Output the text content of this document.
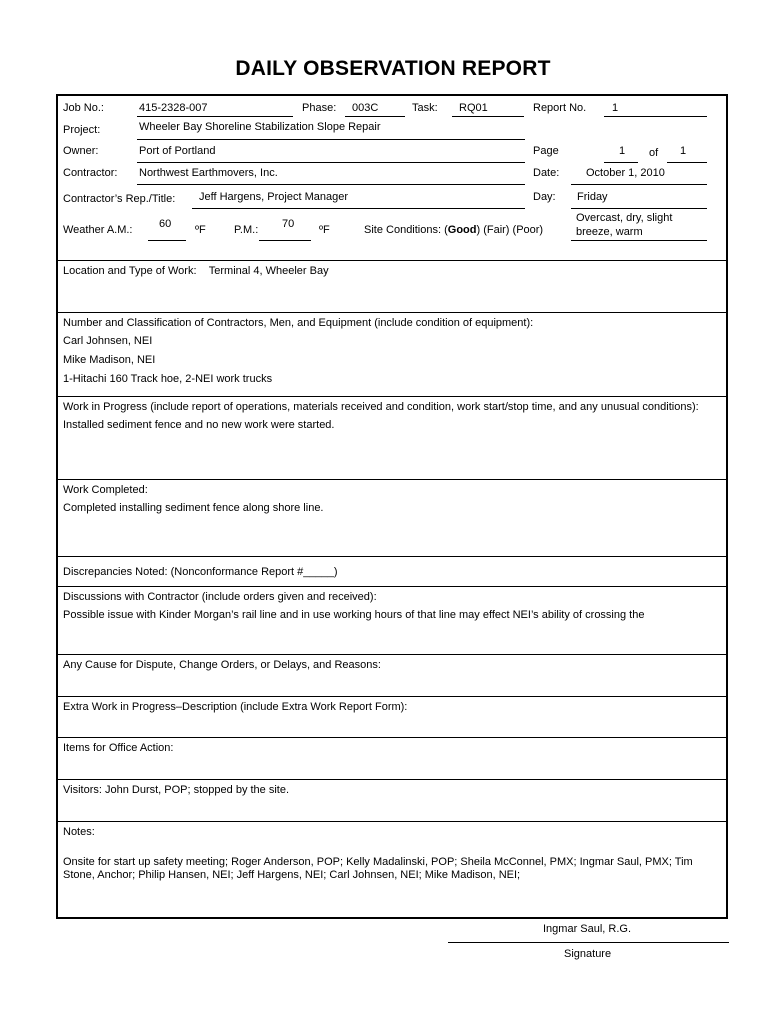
DAILY OBSERVATION REPORT
Job No.:	415-2328-007	Phase: 003C	Task: RQ01	Report No. 1
Project:	Wheeler Bay Shoreline Stabilization Slope Repair
Owner:	Port of Portland	Page	1 of 1
Contractor: Northwest Earthmovers, Inc.	Date: October 1, 2010
Contractor’s Rep./Title: Jeff Hargens, Project Manager	Day: Friday
Weather A.M.: 60 ºF	P.M.: 70 ºF	Site Conditions: (Good) (Fair) (Poor)
Overcast, dry, slight
breeze, warm
Location and Type of Work: Terminal 4, Wheeler Bay
Number and Classification of Contractors, Men, and Equipment (include condition of equipment):
Carl Johnsen, NEI
Mike Madison, NEI
1-Hitachi 160 Track hoe, 2-NEI work trucks
Work in Progress (include report of operations, materials received and condition, work start/stop time, and any unusual conditions):
Installed sediment fence and no new work were started.
Work Completed:
Completed installing sediment fence along shore line.
Discrepancies Noted: (Nonconformance Report #_____)
Discussions with Contractor (include orders given and received):
Possible issue with Kinder Morgan’s rail line and in use working hours of that line may effect NEI’s ability of crossing the
Any Cause for Dispute, Change Orders, or Delays, and Reasons:
Extra Work in Progress–Description (include Extra Work Report Form):
Items for Office Action:
Visitors: John Durst, POP; stopped by the site.
Notes:
Onsite for start up safety meeting; Roger Anderson, POP; Kelly Madalinski, POP; Sheila McConnel, PMX; Ingmar Saul, PMX; Tim Stone, Anchor; Philip Hansen, NEI; Jeff Hargens, NEI; Carl Johnsen, NEI; Mike Madison, NEI;
Ingmar Saul, R.G.
Signature
